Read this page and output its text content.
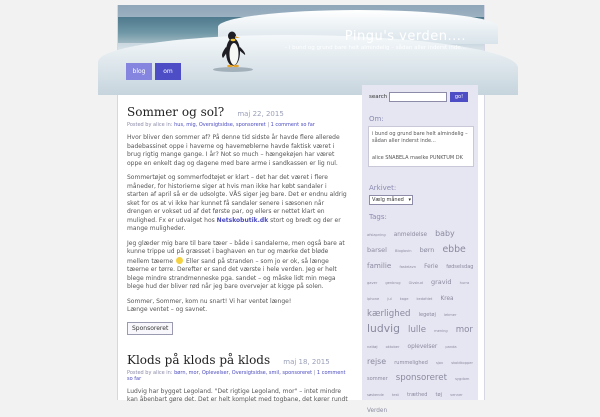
Pingu's verden....

– i bund og grund bare helt almindelig – sådan aller inderst inde...

blog	om
Sommer og sol? maj 22, 2015
Posted by alice in: hus, mig, Oversigtsidse, sponsoreret | 1 comment so far

Hvor bliver den sommer af? På denne tid sidste år havde flere allerede badebassinet oppe i haverne og havemøblerne havde faktisk været i brug rigtig mange gange. I år? Not so much – hængekøjen har været oppe en enkelt dag og dagene med bare arme i sandkassen er lig nul.

Sommertøjet og sommerfodtøjet er klart – det har det været i flere måneder, for historierne siger at hvis man ikke har købt sandaler i starten af april så er de udsolgte. VÅS siger jeg bare. Det er endnu aldrig sket for os at vi ikke har kunnet få sandaler senere i sæsonen når drengen er vokset ud af det første par, og ellers er nettet klart en mulighed. Fx er udvalget hos Netskobutik.dk stort og bredt og der er mange muligheder.

Jeg glæder mig bare til bare tæer – både i sandalerne, men også bare at kunne trippe ud på græsset i baghaven en tur og mærke det bløde mellem tæerne Eller sand på stranden – som jo er ok, så længe tæerne er tørre. Derefter er sand det værste i hele verden. Jeg er helt blege mindre strandmenneske pga. sandet – og måske lidt min mega blege hud der bliver rød når jeg bare overvejer at kigge på solen.

Sommer, Sommer, kom nu snart! Vi har ventet længe!
Længe ventet – og savnet.

Sponsoreret
Klods på klods på klods maj 18, 2015
Posted by alice in: børn, mor, Oplevelser, Oversigtsidse, smil, sponsoreret | 1 comment so far

Ludvig har bygget Legoland. "Det rigtige Legoland, mor" – intet mindre kan åbenbart gøre det. Det er helt komplet med togbane, det kører rundt

search	go!
Om:
i bund og grund bare helt almindelig – sådan aller inderst inde...
alice SNABELA maelke PUNKTUM DK
Arkivet:
Vælg måned ▾
Tags:
afslapning anmeldelse baby barsel Bloglovin børn ebbe familie fastelavn Ferie fødselsdag gaver genbrug Givskud gravid hurra iphone jul kage kedafdet Krea kærlighed legetøj lekmer ludvig lulle mening mor nattøj oktober oplevelser panda rejse rummelighed sjov skoldkopper sommer sponsoreret sygdom søskende test træthed tøj venner Verden
